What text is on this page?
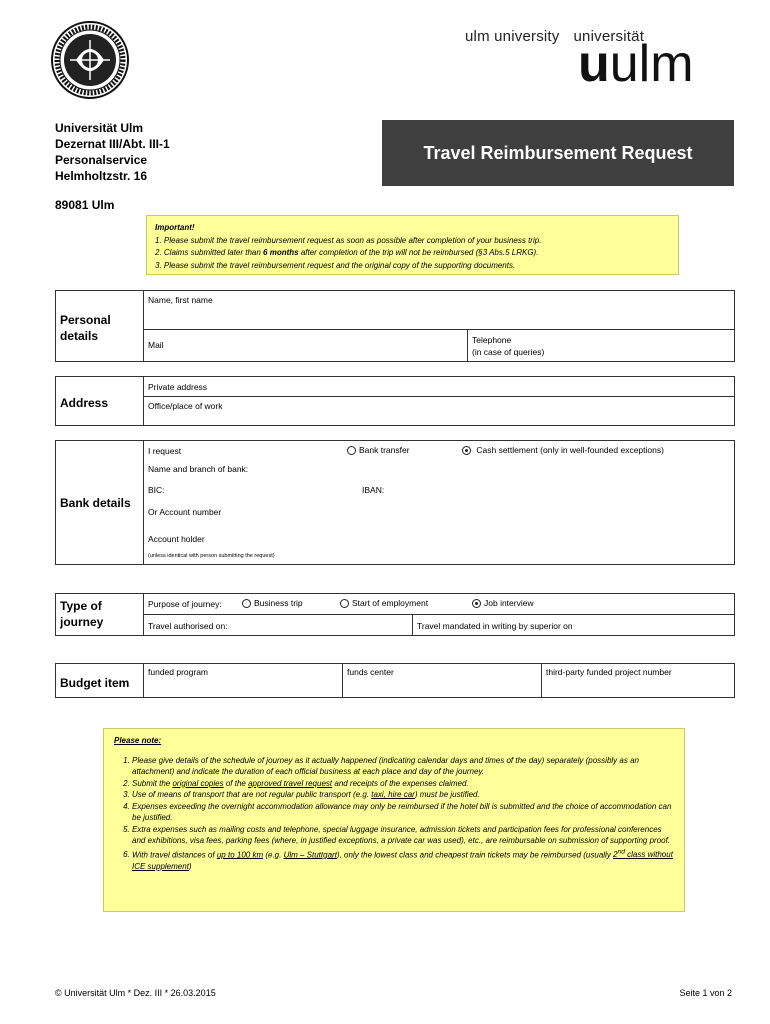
ulm university universität
uulm
Universität Ulm
Dezernat III/Abt. III-1
Personalservice
Helmholtzstr. 16
89081 Ulm
Travel Reimbursement Request
Important!
1. Please submit the travel reimbursement request as soon as possible after completion of your business trip.
2. Claims submitted later than 6 months after completion of the trip will not be reimbursed (§3 Abs.5 LRKG).
3. Please submit the travel reimbursement request and the original copy of the supporting documents.
Personal details
Name, first name
Mail	Telephone
(in case of queries)
Address
Private address
Office/place of work
Bank details
I request	Bank transfer	Cash settlement (only in well-founded exceptions)
Name and branch of bank:
BIC:	IBAN:
Or Account number
Account holder
(unless identical with person submitting the request)
Type of journey
Purpose of journey:	Business trip	Start of employment	Job interview
Travel authorised on:	Travel mandated in writing by superior on
Budget item
funded program	funds center	third-party funded project number
Please note:
1. Please give details of the schedule of journey as it actually happened (indicating calendar days and times of the day) separately (possibly as an attachment) and indicate the duration of each official business at each place and day of the journey.
2. Submit the original copies of the approved travel request and receipts of the expenses claimed.
3. Use of means of transport that are not regular public transport (e.g. taxi, hire car) must be justified.
4. Expenses exceeding the overnight accommodation allowance may only be reimbursed if the hotel bill is submitted and the choice of accommodation can be justified.
5. Extra expenses such as mailing costs and telephone, special luggage insurance, admission tickets and participation fees for professional conferences and exhibitions, visa fees, parking fees (where, in justified exceptions, a private car was used), etc., are reimbursable on submission of supporting proof.
6. With travel distances of up to 100 km (e.g. Ulm – Stuttgart), only the lowest class and cheapest train tickets may be reimbursed (usually 2nd class without ICE supplement)
© Universität Ulm * Dez. III * 26.03.2015	Seite 1 von 2
